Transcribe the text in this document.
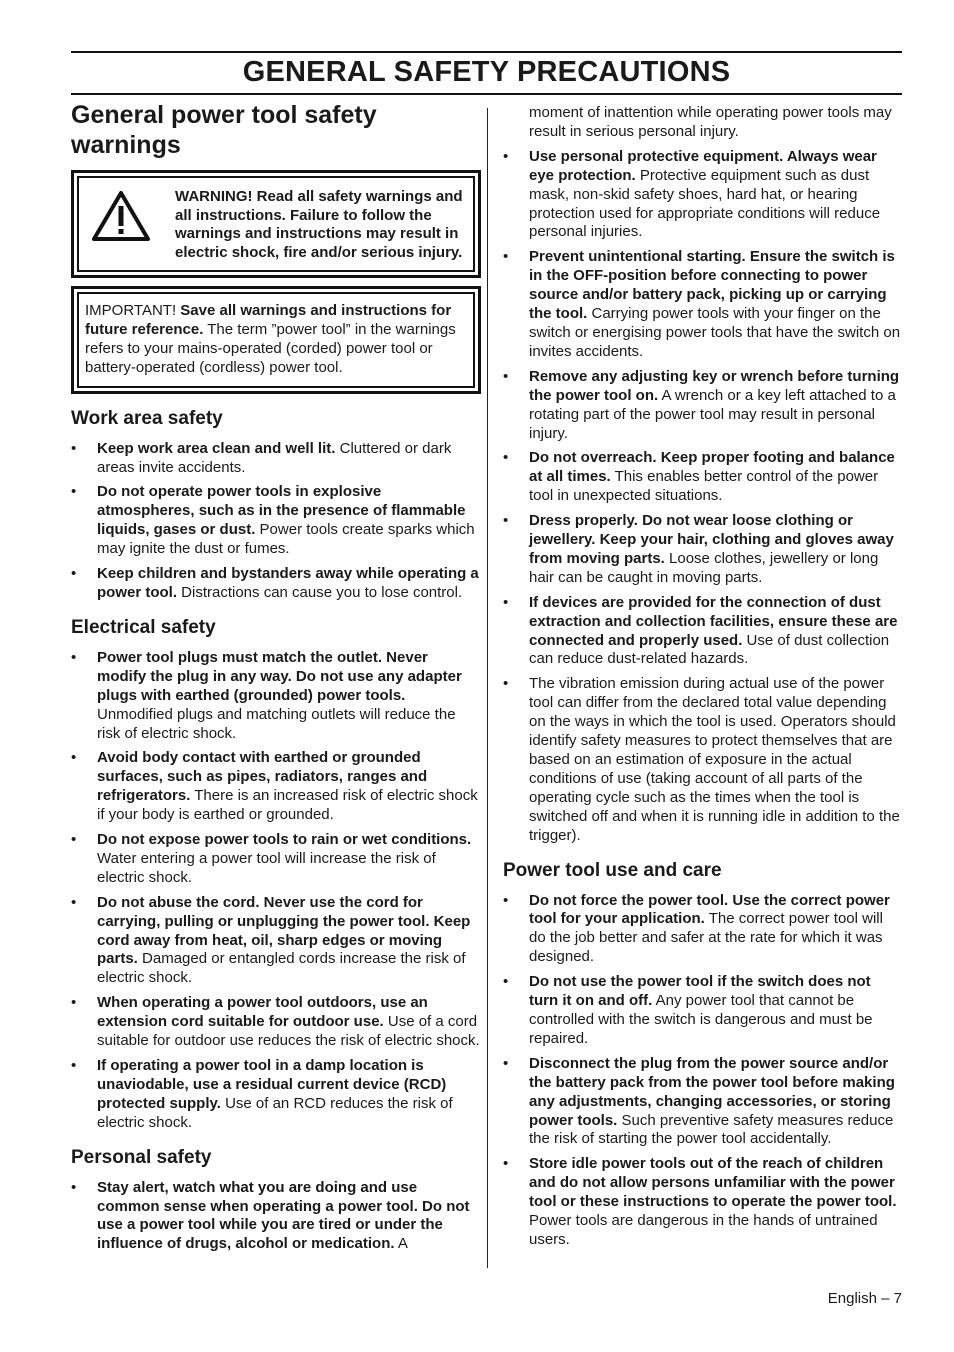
GENERAL SAFETY PRECAUTIONS
General power tool safety warnings
WARNING! Read all safety warnings and all instructions. Failure to follow the warnings and instructions may result in electric shock, fire and/or serious injury.
IMPORTANT! Save all warnings and instructions for future reference. The term ”power tool” in the warnings refers to your mains-operated (corded) power tool or battery-operated (cordless) power tool.
Work area safety
• Keep work area clean and well lit. Cluttered or dark areas invite accidents.
• Do not operate power tools in explosive atmospheres, such as in the presence of flammable liquids, gases or dust. Power tools create sparks which may ignite the dust or fumes.
• Keep children and bystanders away while operating a power tool. Distractions can cause you to lose control.
Electrical safety
• Power tool plugs must match the outlet. Never modify the plug in any way. Do not use any adapter plugs with earthed (grounded) power tools. Unmodified plugs and matching outlets will reduce the risk of electric shock.
• Avoid body contact with earthed or grounded surfaces, such as pipes, radiators, ranges and refrigerators. There is an increased risk of electric shock if your body is earthed or grounded.
• Do not expose power tools to rain or wet conditions. Water entering a power tool will increase the risk of electric shock.
• Do not abuse the cord. Never use the cord for carrying, pulling or unplugging the power tool. Keep cord away from heat, oil, sharp edges or moving parts. Damaged or entangled cords increase the risk of electric shock.
• When operating a power tool outdoors, use an extension cord suitable for outdoor use. Use of a cord suitable for outdoor use reduces the risk of electric shock.
• If operating a power tool in a damp location is unaviodable, use a residual current device (RCD) protected supply. Use of an RCD reduces the risk of electric shock.
Personal safety
• Stay alert, watch what you are doing and use common sense when operating a power tool. Do not use a power tool while you are tired or under the influence of drugs, alcohol or medication. A
moment of inattention while operating power tools may result in serious personal injury.
• Use personal protective equipment. Always wear eye protection. Protective equipment such as dust mask, non-skid safety shoes, hard hat, or hearing protection used for appropriate conditions will reduce personal injuries.
• Prevent unintentional starting. Ensure the switch is in the OFF-position before connecting to power source and/or battery pack, picking up or carrying the tool. Carrying power tools with your finger on the switch or energising power tools that have the switch on invites accidents.
• Remove any adjusting key or wrench before turning the power tool on. A wrench or a key left attached to a rotating part of the power tool may result in personal injury.
• Do not overreach. Keep proper footing and balance at all times. This enables better control of the power tool in unexpected situations.
• Dress properly. Do not wear loose clothing or jewellery. Keep your hair, clothing and gloves away from moving parts. Loose clothes, jewellery or long hair can be caught in moving parts.
• If devices are provided for the connection of dust extraction and collection facilities, ensure these are connected and properly used. Use of dust collection can reduce dust-related hazards.
• The vibration emission during actual use of the power tool can differ from the declared total value depending on the ways in which the tool is used. Operators should identify safety measures to protect themselves that are based on an estimation of exposure in the actual conditions of use (taking account of all parts of the operating cycle such as the times when the tool is switched off and when it is running idle in addition to the trigger).
Power tool use and care
• Do not force the power tool. Use the correct power tool for your application. The correct power tool will do the job better and safer at the rate for which it was designed.
• Do not use the power tool if the switch does not turn it on and off. Any power tool that cannot be controlled with the switch is dangerous and must be repaired.
• Disconnect the plug from the power source and/or the battery pack from the power tool before making any adjustments, changing accessories, or storing power tools. Such preventive safety measures reduce the risk of starting the power tool accidentally.
• Store idle power tools out of the reach of children and do not allow persons unfamiliar with the power tool or these instructions to operate the power tool. Power tools are dangerous in the hands of untrained users.
English – 7
